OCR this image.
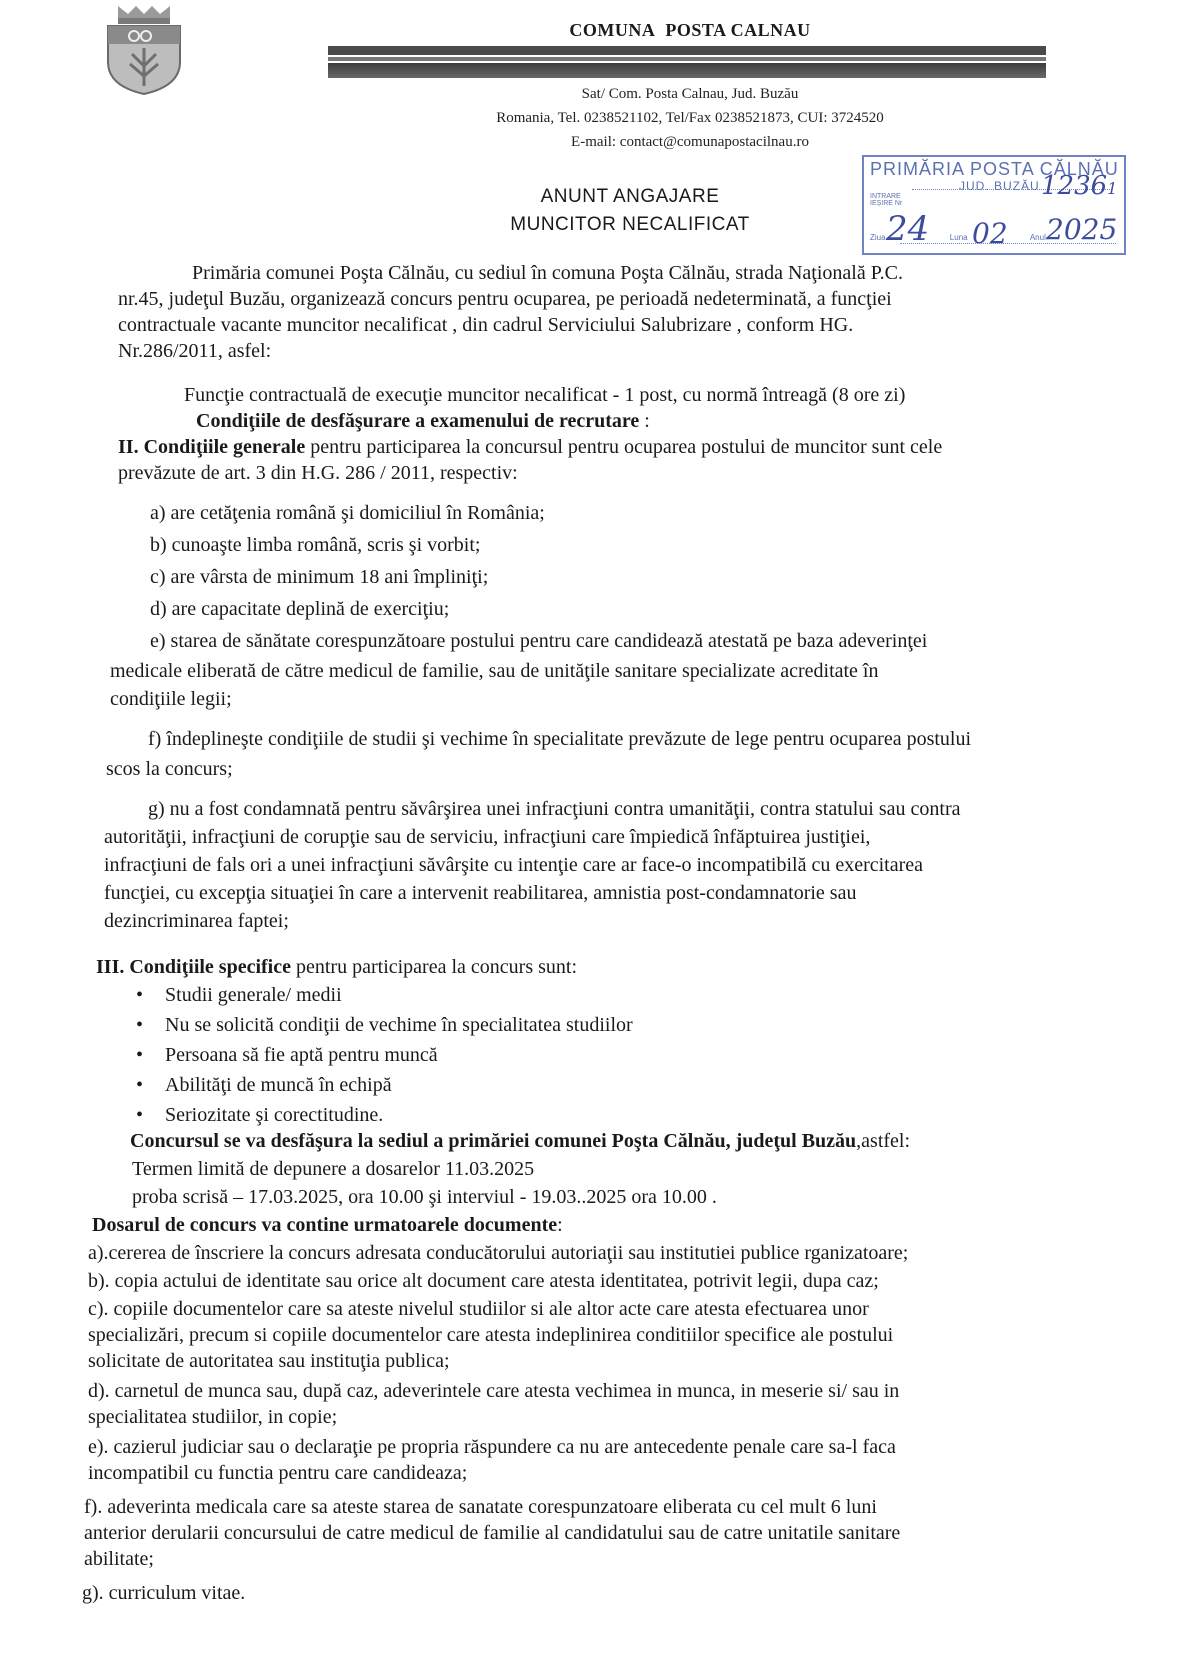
COMUNA POSTA CALNAU
Sat/ Com. Posta Calnau, Jud. Buzău
Romania, Tel. 0238521102, Tel/Fax 0238521873, CUI: 3724520
E-mail: contact@comunapostacilnau.ro
PRIMĂRIA POSTA CĂLNĂU
JUD. BUZĂU
INTRARE
IEȘIRE Nr
12361
Ziua	Luna	Anul
24 02 2025
ANUNT ANGAJARE
MUNCITOR NECALIFICAT
Primăria comunei Poşta Călnău, cu sediul în comuna Poşta Călnău, strada Naţională P.C.
nr.45, judeţul Buzău, organizează concurs pentru ocuparea, pe perioadă nedeterminată, a funcţiei
contractuale vacante muncitor necalificat , din cadrul Serviciului Salubrizare , conform HG.
Nr.286/2011, asfel:
Funcţie contractuală de execuţie muncitor necalificat - 1 post, cu normă întreagă (8 ore zi)
Condiţiile de desfăşurare a examenului de recrutare :
II. Condiţiile generale pentru participarea la concursul pentru ocuparea postului de muncitor sunt cele
prevăzute de art. 3 din H.G. 286 / 2011, respectiv:
a) are cetăţenia română şi domiciliul în România;
b) cunoaşte limba română, scris şi vorbit;
c) are vârsta de minimum 18 ani împliniţi;
d) are capacitate deplină de exerciţiu;
e) starea de sănătate corespunzătoare postului pentru care candidează atestată pe baza adeverinţei
medicale eliberată de către medicul de familie, sau de unităţile sanitare specializate acreditate în
condiţiile legii;
f) îndeplineşte condiţiile de studii şi vechime în specialitate prevăzute de lege pentru ocuparea postului
scos la concurs;
g) nu a fost condamnată pentru săvârşirea unei infracţiuni contra umanităţii, contra statului sau contra
autorităţii, infracţiuni de corupţie sau de serviciu, infracţiuni care împiedică înfăptuirea justiţiei,
infracţiuni de fals ori a unei infracţiuni săvârşite cu intenţie care ar face-o incompatibilă cu exercitarea
funcţiei, cu excepţia situaţiei în care a intervenit reabilitarea, amnistia post-condamnatorie sau
dezincriminarea faptei;
III. Condiţiile specifice pentru participarea la concurs sunt:
• Studii generale/ medii
• Nu se solicită condiţii de vechime în specialitatea studiilor
• Persoana să fie aptă pentru muncă
• Abilităţi de muncă în echipă
• Seriozitate şi corectitudine.
Concursul se va desfăşura la sediul a primăriei comunei Poşta Călnău, judeţul Buzău,astfel:
Termen limită de depunere a dosarelor 11.03.2025
proba scrisă – 17.03.2025, ora 10.00 şi interviul - 19.03..2025 ora 10.00 .
Dosarul de concurs va contine urmatoarele documente:
a).cererea de înscriere la concurs adresata conducătorului autoriaţii sau institutiei publice rganizatoare;
b). copia actului de identitate sau orice alt document care atesta identitatea, potrivit legii, dupa caz;
c). copiile documentelor care sa ateste nivelul studiilor si ale altor acte care atesta efectuarea unor
specializări, precum si copiile documentelor care atesta indeplinirea conditiilor specifice ale postului
solicitate de autoritatea sau instituţia publica;
d). carnetul de munca sau, după caz, adeverintele care atesta vechimea in munca, in meserie si/ sau in
specialitatea studiilor, in copie;
e). cazierul judiciar sau o declaraţie pe propria răspundere ca nu are antecedente penale care sa-l faca
incompatibil cu functia pentru care candideaza;
f). adeverinta medicala care sa ateste starea de sanatate corespunzatoare eliberata cu cel mult 6 luni
anterior derularii concursului de catre medicul de familie al candidatului sau de catre unitatile sanitare
abilitate;
g). curriculum vitae.
